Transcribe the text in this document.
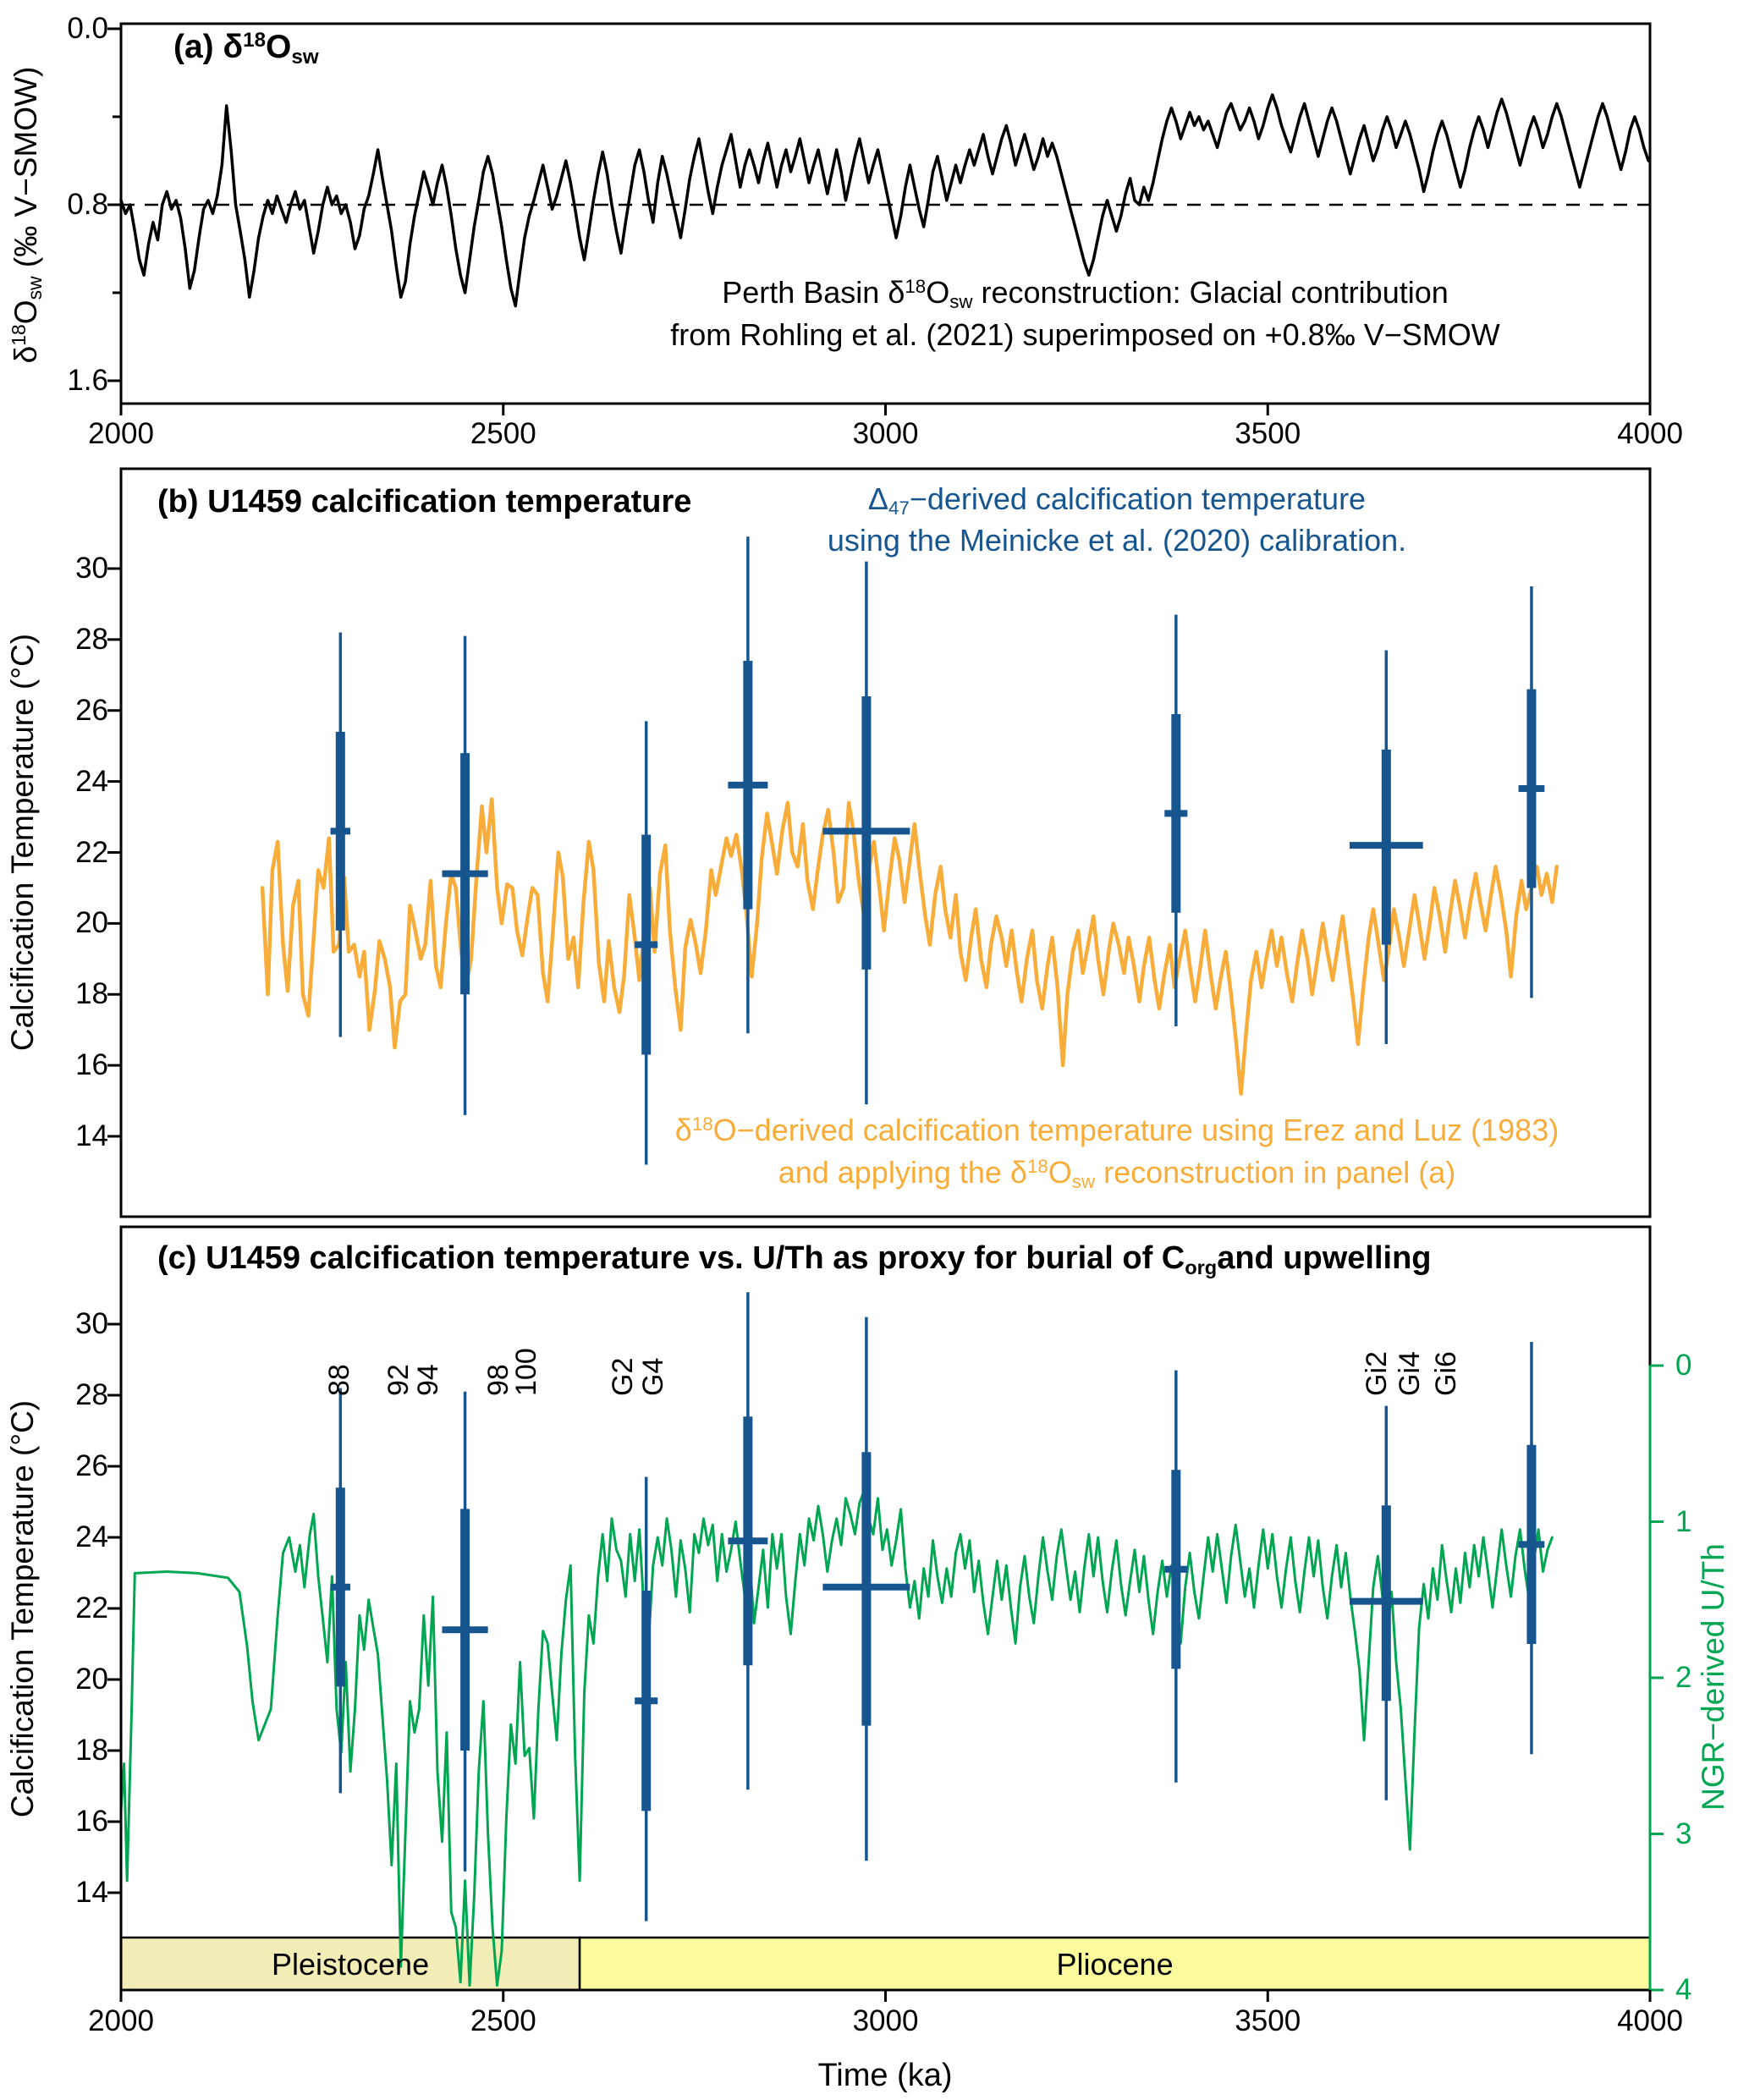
(a) $\delta^{18}Osw$
Perth Basin $\delta^{18}Osw$ reconstruction: Glacial contribution
from Rohling et al. (2021) superimposed on +0.8‰ V−SMOW
$\delta^{18}Osw$ (‰ V−SMOW)
(b) U1459 calcification temperature	Δ47−derived calcification temperature
using the Meinicke et al. (2020) calibration.
$\delta^{18}O-derived$ calcification temperature using Erez and Luz (1983)
and applying the $\delta^{18}Osw$ reconstruction in panel (a)
Calcification Temperature (°C)
(c) U1459 calcification temperature vs. U/Th as proxy for burial of Corgand upwelling
Calcification Temperature (°C)	NGR−derived U/Th
Time (ka)
0.0
0.8
1.6
2000	2500	3000	3500	4000
14
16
18
20
22
24
26
28
30
Pleistocene	Pliocene
14
16
18
20
22
24
26
28
30
0
1
2
3
4
2000	2500	3000	3500	4000
88 92
94 98
100 G2
G4	Gi2 Gi4 Gi6
